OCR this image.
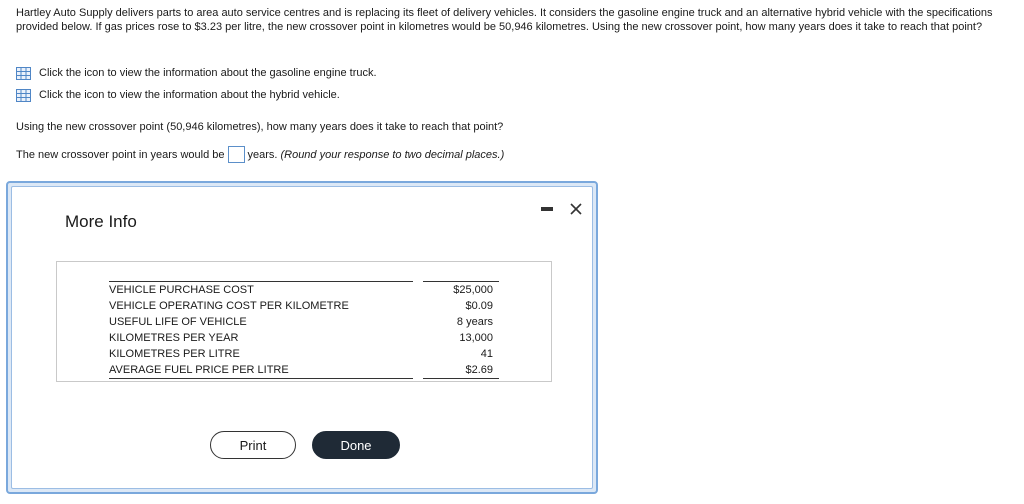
Hartley Auto Supply delivers parts to area auto service centres and is replacing its fleet of delivery vehicles. It considers the gasoline engine truck and an alternative hybrid vehicle with the specifications provided below. If gas prices rose to $3.23 per litre, the new crossover point in kilometres would be 50,946 kilometres. Using the new crossover point, how many years does it take to reach that point?
Click the icon to view the information about the gasoline engine truck.
Click the icon to view the information about the hybrid vehicle.
Using the new crossover point (50,946 kilometres), how many years does it take to reach that point?
The new crossover point in years would be years. (Round your response to two decimal places.)
More Info
VEHICLE PURCHASE COST		$25,000
VEHICLE OPERATING COST PER KILOMETRE		$0.09
USEFUL LIFE OF VEHICLE		8 years
KILOMETRES PER YEAR		13,000
KILOMETRES PER LITRE		41
AVERAGE FUEL PRICE PER LITRE		$2.69
Print	Done
